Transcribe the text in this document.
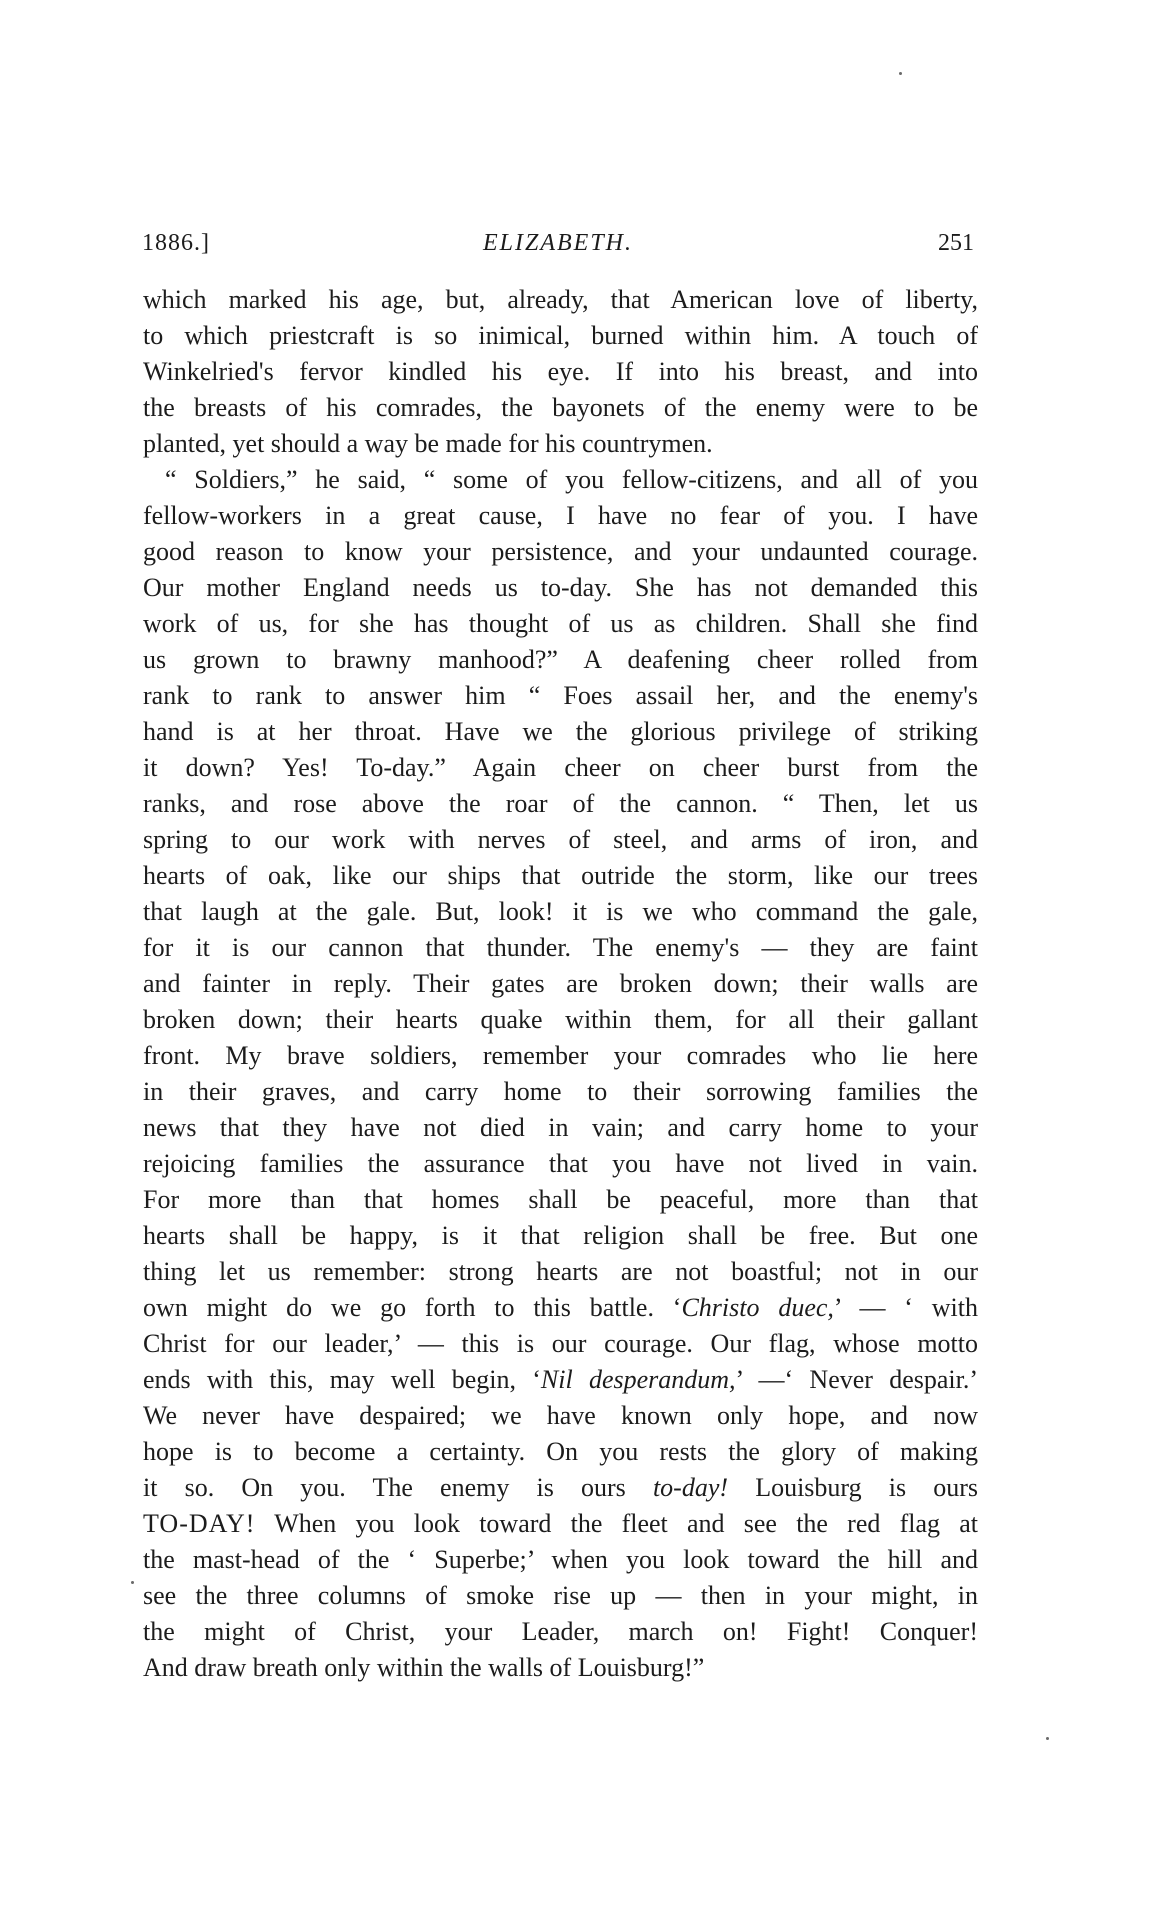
1886.]	ELIZABETH.	251
which marked his age, but, already, that American love of liberty,
to which priestcraft is so inimical, burned within him. A touch of
Winkelried's fervor kindled his eye. If into his breast, and into
the breasts of his comrades, the bayonets of the enemy were to be
planted, yet should a way be made for his countrymen.
“ Soldiers,” he said, “ some of you fellow-citizens, and all of you
fellow-workers in a great cause, I have no fear of you. I have
good reason to know your persistence, and your undaunted courage.
Our mother England needs us to-day. She has not demanded this
work of us, for she has thought of us as children. Shall she find
us grown to brawny manhood?” A deafening cheer rolled from
rank to rank to answer him “ Foes assail her, and the enemy's
hand is at her throat. Have we the glorious privilege of striking
it down? Yes! To-day.” Again cheer on cheer burst from the
ranks, and rose above the roar of the cannon. “ Then, let us
spring to our work with nerves of steel, and arms of iron, and
hearts of oak, like our ships that outride the storm, like our trees
that laugh at the gale. But, look! it is we who command the gale,
for it is our cannon that thunder. The enemy's — they are faint
and fainter in reply. Their gates are broken down; their walls are
broken down; their hearts quake within them, for all their gallant
front. My brave soldiers, remember your comrades who lie here
in their graves, and carry home to their sorrowing families the
news that they have not died in vain; and carry home to your
rejoicing families the assurance that you have not lived in vain.
For more than that homes shall be peaceful, more than that
hearts shall be happy, is it that religion shall be free. But one
thing let us remember: strong hearts are not boastful; not in our
own might do we go forth to this battle. ‘Christo duec,’ — ‘ with
Christ for our leader,’ — this is our courage. Our flag, whose motto
ends with this, may well begin, ‘Nil desperandum,’ —‘ Never despair.’
We never have despaired; we have known only hope, and now
hope is to become a certainty. On you rests the glory of making
it so. On you. The enemy is ours to-day! Louisburg is ours
TO-DAY! When you look toward the fleet and see the red flag at
the mast-head of the ‘ Superbe;’ when you look toward the hill and
see the three columns of smoke rise up — then in your might, in
the might of Christ, your Leader, march on! Fight! Conquer!
And draw breath only within the walls of Louisburg!”
